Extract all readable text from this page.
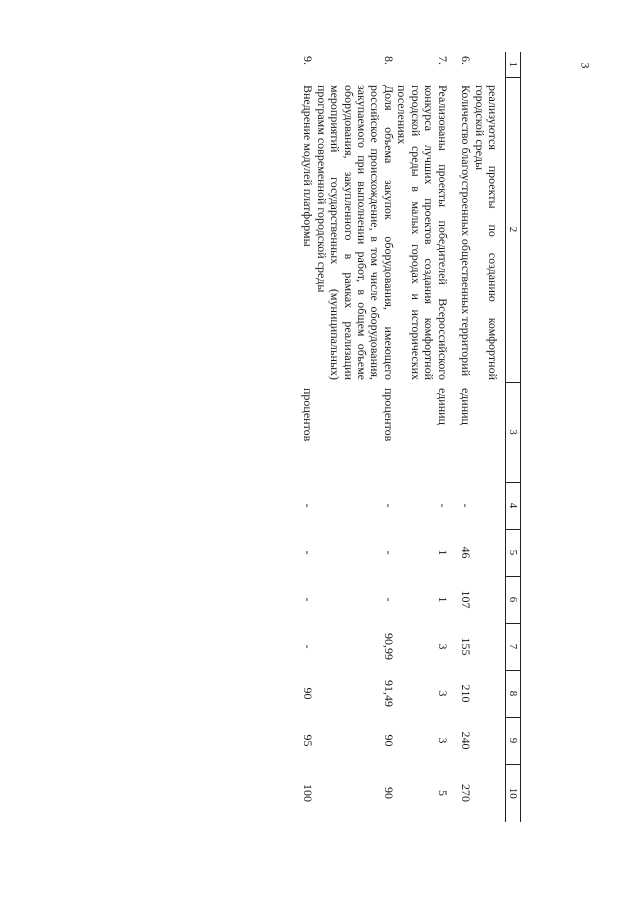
3
1	2	3	4	5	6	7	8	9	10
	реализуются проекты по созданию комфортной городской среды								
6.	Количество благоустроенных общественных территорий	единиц	-	46	107	155	210	240	270
7.	Реализованы проекты победителей Всероссийского конкурса лучших проектов создания комфортной городской среды в малых городах и исторических поселениях	единиц	-	1	1	3	3	3	5
8.	Доля объема закупок оборудования, имеющего российское происхождение, в том числе оборудования, закупаемого при выполнении работ, в общем объеме оборудования, закупленного в рамках реализации мероприятий государственных (муниципальных) программ современной городской среды	процентов	-	-	-	90,99	91,49	90	90
9.	Внедрение модулей платформы	процентов	-	-	-	-	90	95	100
